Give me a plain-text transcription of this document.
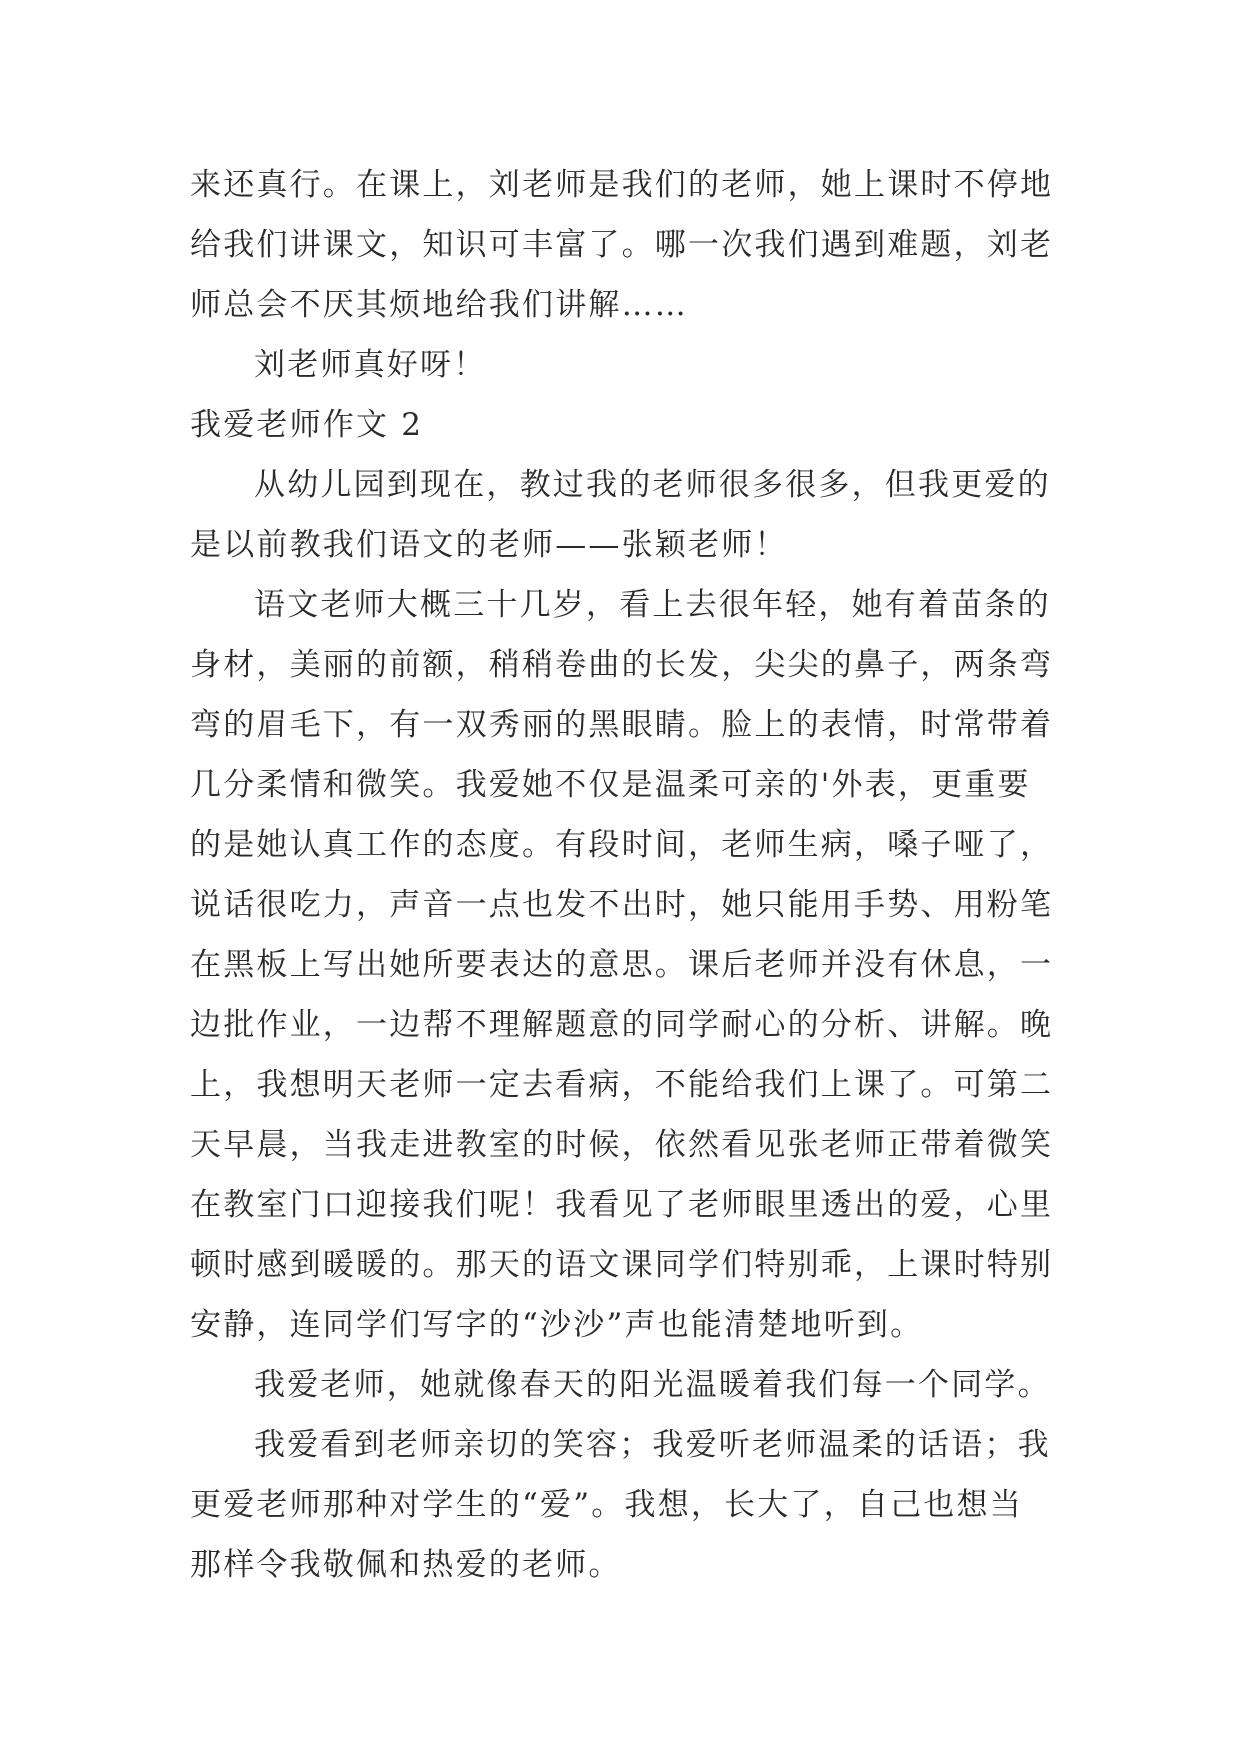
来还真行。在课上，刘老师是我们的老师，她上课时不停地
给我们讲课文，知识可丰富了。哪一次我们遇到难题，刘老
师总会不厌其烦地给我们讲解……
刘老师真好呀！
我爱老师作文 2
从幼儿园到现在，教过我的老师很多很多，但我更爱的
是以前教我们语文的老师——张颖老师！
语文老师大概三十几岁，看上去很年轻，她有着苗条的
身材，美丽的前额，稍稍卷曲的长发，尖尖的鼻子，两条弯
弯的眉毛下，有一双秀丽的黑眼睛。脸上的表情，时常带着
几分柔情和微笑。我爱她不仅是温柔可亲的'外表，更重要
的是她认真工作的态度。有段时间，老师生病，嗓子哑了，
说话很吃力，声音一点也发不出时，她只能用手势、用粉笔
在黑板上写出她所要表达的意思。课后老师并没有休息，一
边批作业，一边帮不理解题意的同学耐心的分析、讲解。晚
上，我想明天老师一定去看病，不能给我们上课了。可第二
天早晨，当我走进教室的时候，依然看见张老师正带着微笑
在教室门口迎接我们呢！我看见了老师眼里透出的爱，心里
顿时感到暖暖的。那天的语文课同学们特别乖，上课时特别
安静，连同学们写字的“沙沙”声也能清楚地听到。
我爱老师，她就像春天的阳光温暖着我们每一个同学。
我爱看到老师亲切的笑容；我爱听老师温柔的话语；我
更爱老师那种对学生的“爱”。我想，长大了，自己也想当
那样令我敬佩和热爱的老师。
